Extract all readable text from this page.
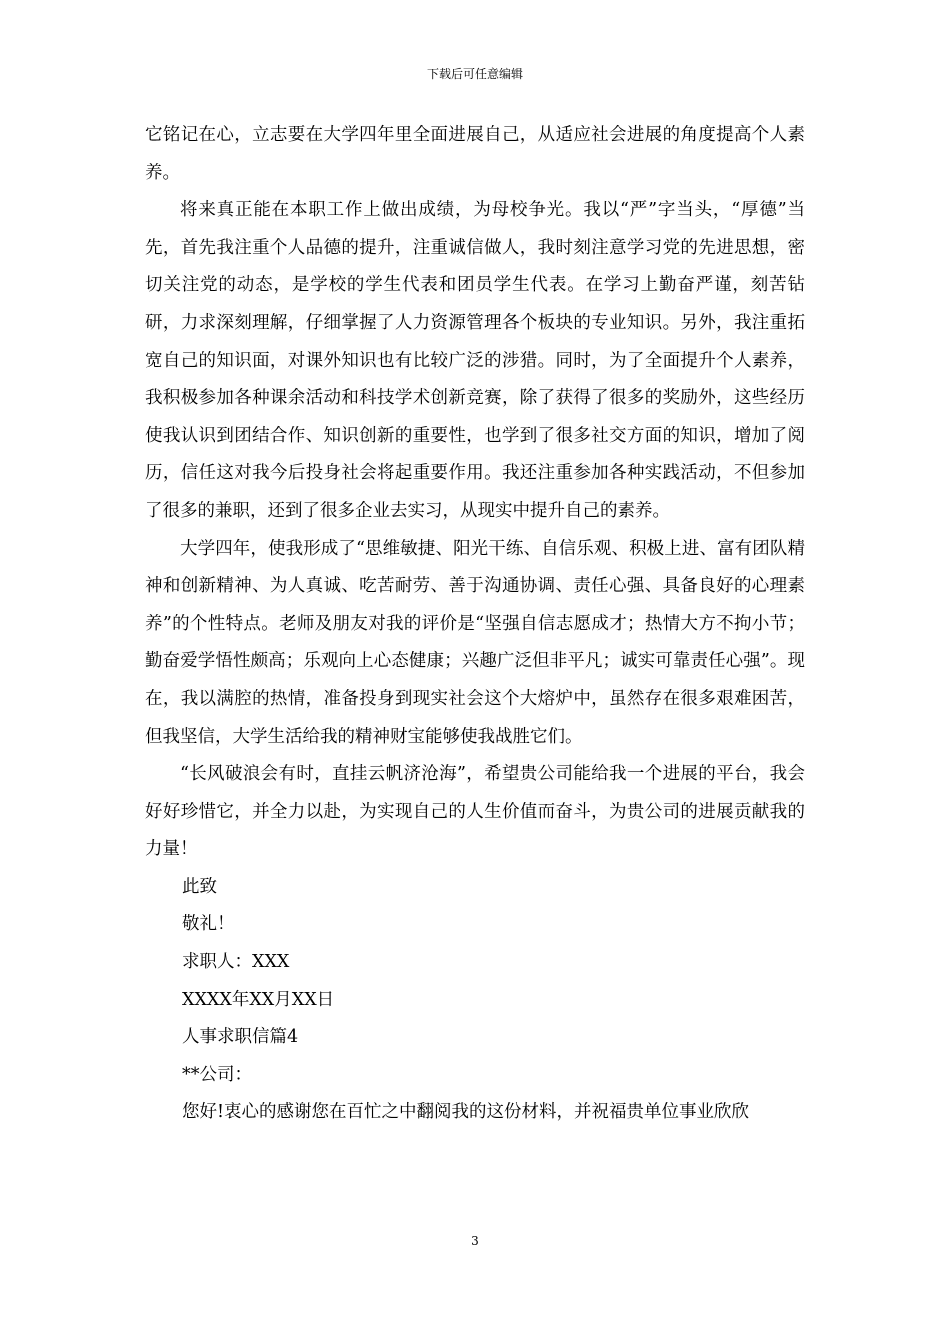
下载后可任意编辑

它铭记在心，立志要在大学四年里全面进展自己，从适应社会进展的角度提高个人素养。

将来真正能在本职工作上做出成绩，为母校争光。我以“严”字当头，“厚德”当先，首先我注重个人品德的提升，注重诚信做人，我时刻注意学习党的先进思想，密切关注党的动态，是学校的学生代表和团员学生代表。在学习上勤奋严谨，刻苦钻研，力求深刻理解，仔细掌握了人力资源管理各个板块的专业知识。另外，我注重拓宽自己的知识面，对课外知识也有比较广泛的涉猎。同时，为了全面提升个人素养，我积极参加各种课余活动和科技学术创新竞赛，除了获得了很多的奖励外，这些经历使我认识到团结合作、知识创新的重要性，也学到了很多社交方面的知识，增加了阅历，信任这对我今后投身社会将起重要作用。我还注重参加各种实践活动，不但参加了很多的兼职，还到了很多企业去实习，从现实中提升自己的素养。

大学四年，使我形成了“思维敏捷、阳光干练、自信乐观、积极上进、富有团队精神和创新精神、为人真诚、吃苦耐劳、善于沟通协调、责任心强、具备良好的心理素养”的个性特点。老师及朋友对我的评价是“坚强自信志愿成才；热情大方不拘小节；勤奋爱学悟性颇高；乐观向上心态健康；兴趣广泛但非平凡；诚实可靠责任心强”。现在，我以满腔的热情，准备投身到现实社会这个大熔炉中，虽然存在很多艰难困苦，但我坚信，大学生活给我的精神财宝能够使我战胜它们。

“长风破浪会有时，直挂云帆济沧海”，希望贵公司能给我一个进展的平台，我会好好珍惜它，并全力以赴，为实现自己的人生价值而奋斗，为贵公司的进展贡献我的力量！

此致

敬礼！

求职人：XXX

XXXX年XX月XX日

人事求职信篇4

**公司：

您好!衷心的感谢您在百忙之中翻阅我的这份材料，并祝福贵单位事业欣欣

3
